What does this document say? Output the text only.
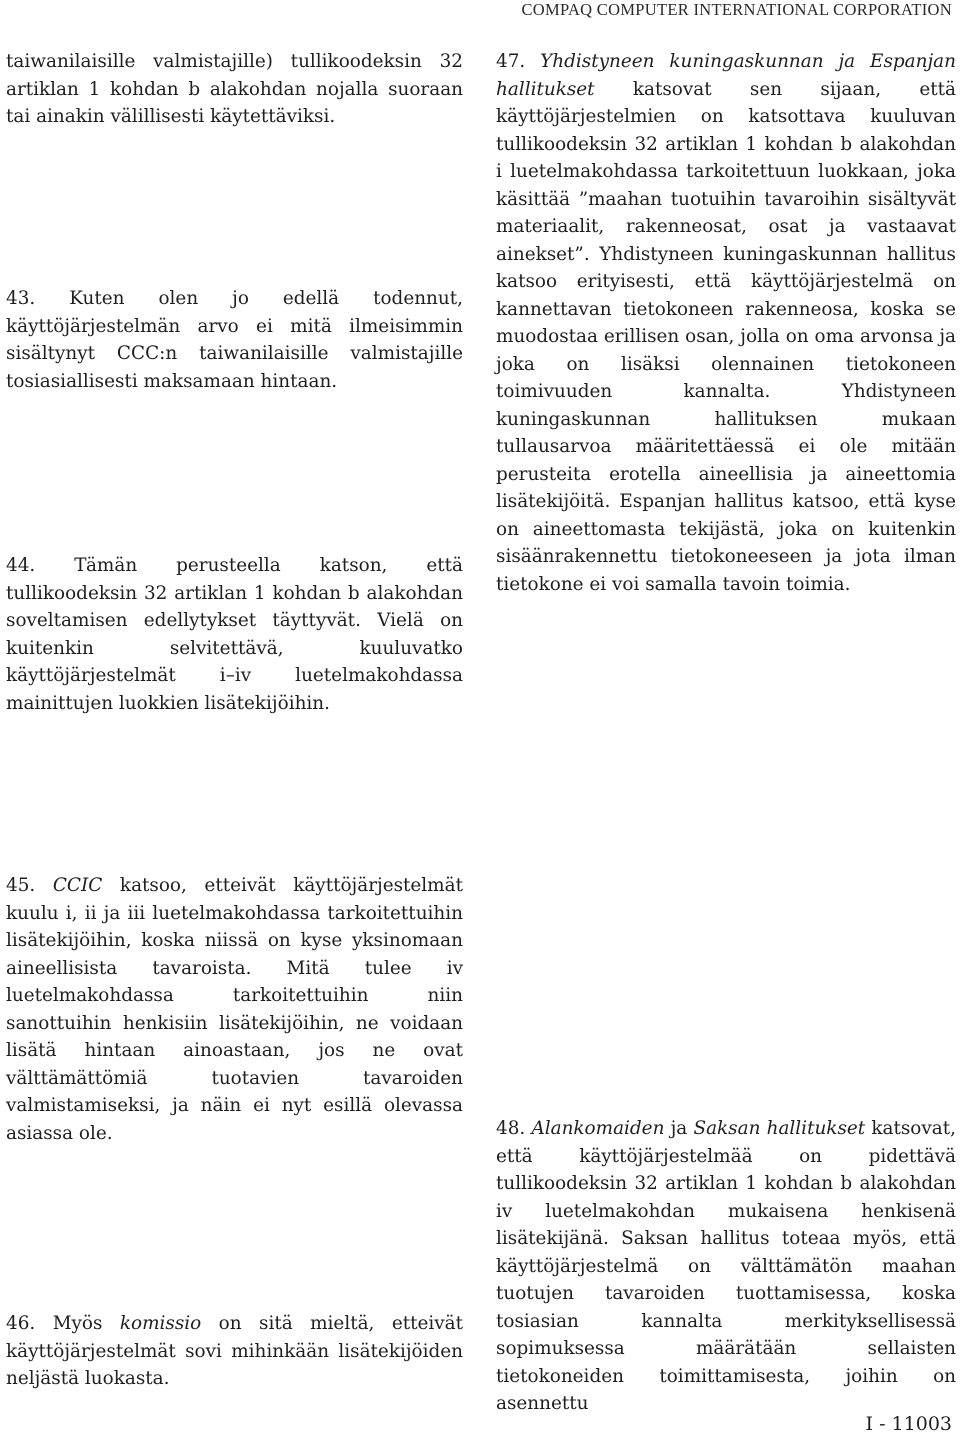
COMPAQ COMPUTER INTERNATIONAL CORPORATION

taiwanilaisille valmistajille) tullikoodeksin 32 artiklan 1 kohdan b alakohdan nojalla suoraan tai ainakin välillisesti käytettäviksi.

43. Kuten olen jo edellä todennut, käyttöjärjestelmän arvo ei mitä ilmeisimmin sisältynyt CCC:n taiwanilaisille valmistajille tosiasiallisesti maksamaan hintaan.

44. Tämän perusteella katson, että tullikoodeksin 32 artiklan 1 kohdan b alakohdan soveltamisen edellytykset täyttyvät. Vielä on kuitenkin selvitettävä, kuuluvatko käyttöjärjestelmät i–iv luetelmakohdassa mainittujen luokkien lisätekijöihin.

45. CCIC katsoo, etteivät käyttöjärjestelmät kuulu i, ii ja iii luetelmakohdassa tarkoitettuihin lisätekijöihin, koska niissä on kyse yksinomaan aineellisista tavaroista. Mitä tulee iv luetelmakohdassa tarkoitettuihin niin sanottuihin henkisiin lisätekijöihin, ne voidaan lisätä hintaan ainoastaan, jos ne ovat välttämättömiä tuotavien tavaroiden valmistamiseksi, ja näin ei nyt esillä olevassa asiassa ole.

46. Myös komissio on sitä mieltä, etteivät käyttöjärjestelmät sovi mihinkään lisätekijöiden neljästä luokasta.

47. Yhdistyneen kuningaskunnan ja Espanjan hallitukset katsovat sen sijaan, että käyttöjärjestelmien on katsottava kuuluvan tullikoodeksin 32 artiklan 1 kohdan b alakohdan i luetelmakohdassa tarkoitettuun luokkaan, joka käsittää ”maahan tuotuihin tavaroihin sisältyvät materiaalit, rakenneosat, osat ja vastaavat ainekset”. Yhdistyneen kuningaskunnan hallitus katsoo erityisesti, että käyttöjärjestelmä on kannettavan tietokoneen rakenneosa, koska se muodostaa erillisen osan, jolla on oma arvonsa ja joka on lisäksi olennainen tietokoneen toimivuuden kannalta. Yhdistyneen kuningaskunnan hallituksen mukaan tullausarvoa määritettäessä ei ole mitään perusteita erotella aineellisia ja aineettomia lisätekijöitä. Espanjan hallitus katsoo, että kyse on aineettomasta tekijästä, joka on kuitenkin sisäänrakennettu tietokoneeseen ja jota ilman tietokone ei voi samalla tavoin toimia.

48. Alankomaiden ja Saksan hallitukset katsovat, että käyttöjärjestelmää on pidettävä tullikoodeksin 32 artiklan 1 kohdan b alakohdan iv luetelmakohdan mukaisena henkisenä lisätekijänä. Saksan hallitus toteaa myös, että käyttöjärjestelmä on välttämätön maahan tuotujen tavaroiden tuottamisessa, koska tosiasian kannalta merkityksellisessä sopimuksessa määrätään sellaisten tietokoneiden toimittamisesta, joihin on asennettu

I - 11003
